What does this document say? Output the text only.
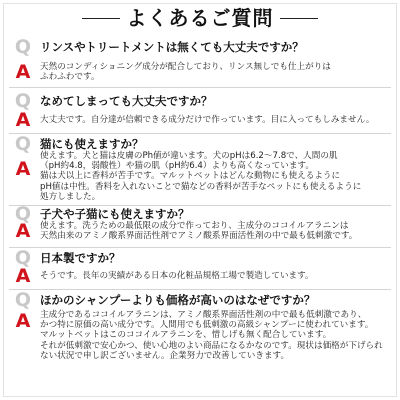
よくあるご質問
Q リンスやトリートメントは無くても大丈夫ですか？
A	天然のコンディショニング成分が配合しており、リンス無しでも仕上がりは
ふわふわです。
Q なめてしまっても大丈夫ですか？
A	大丈夫です。自分達が信頼できる成分だけで作っています。目に入ってもしみません。
Q 猫にも使えますか？
A
使えます。犬と猫は皮膚のPh値が違います。犬のpHは6.2〜7.8で、人間の肌
（pH約4.8，弱酸性）や猫の肌（pH約6.4）よりも高くなっています。
猫は犬以上に香料が苦手です。マルットベットはどんな動物にも使えるように
pH値は中性。香料を入れないことで猫などの香料が苦手なペットにも使えるように
処方しました。
Q 子犬や子猫にも使えますか？
A	使えます。洗うための最低限の成分で作っており、主成分のココイルアラニンは
天然由来のアミノ酸系界面活性剤でアミノ酸系界面活性剤の中で最も低刺激です。
Q 日本製ですか？
A	そうです。長年の実績がある日本の化粧品規格工場で製造しています。
Q ほかのシャンプーよりも価格が高いのはなぜですか？
A	主成分であるココイルアラニンは、アミノ酸系界面活性剤の中で最も低刺激であり、
かつ特に原価の高い成分です。人間用でも低刺激の高級シャンプーに使われています。
マルットベットはこのココイルアラニンを、惜しげも無く配合しています。
それが低刺激で安心かつ、使い心地のよい商品になるかなのです。現状は価格が下げられ
ない状況で申し訳ございません。企業努力で改善していきます。
